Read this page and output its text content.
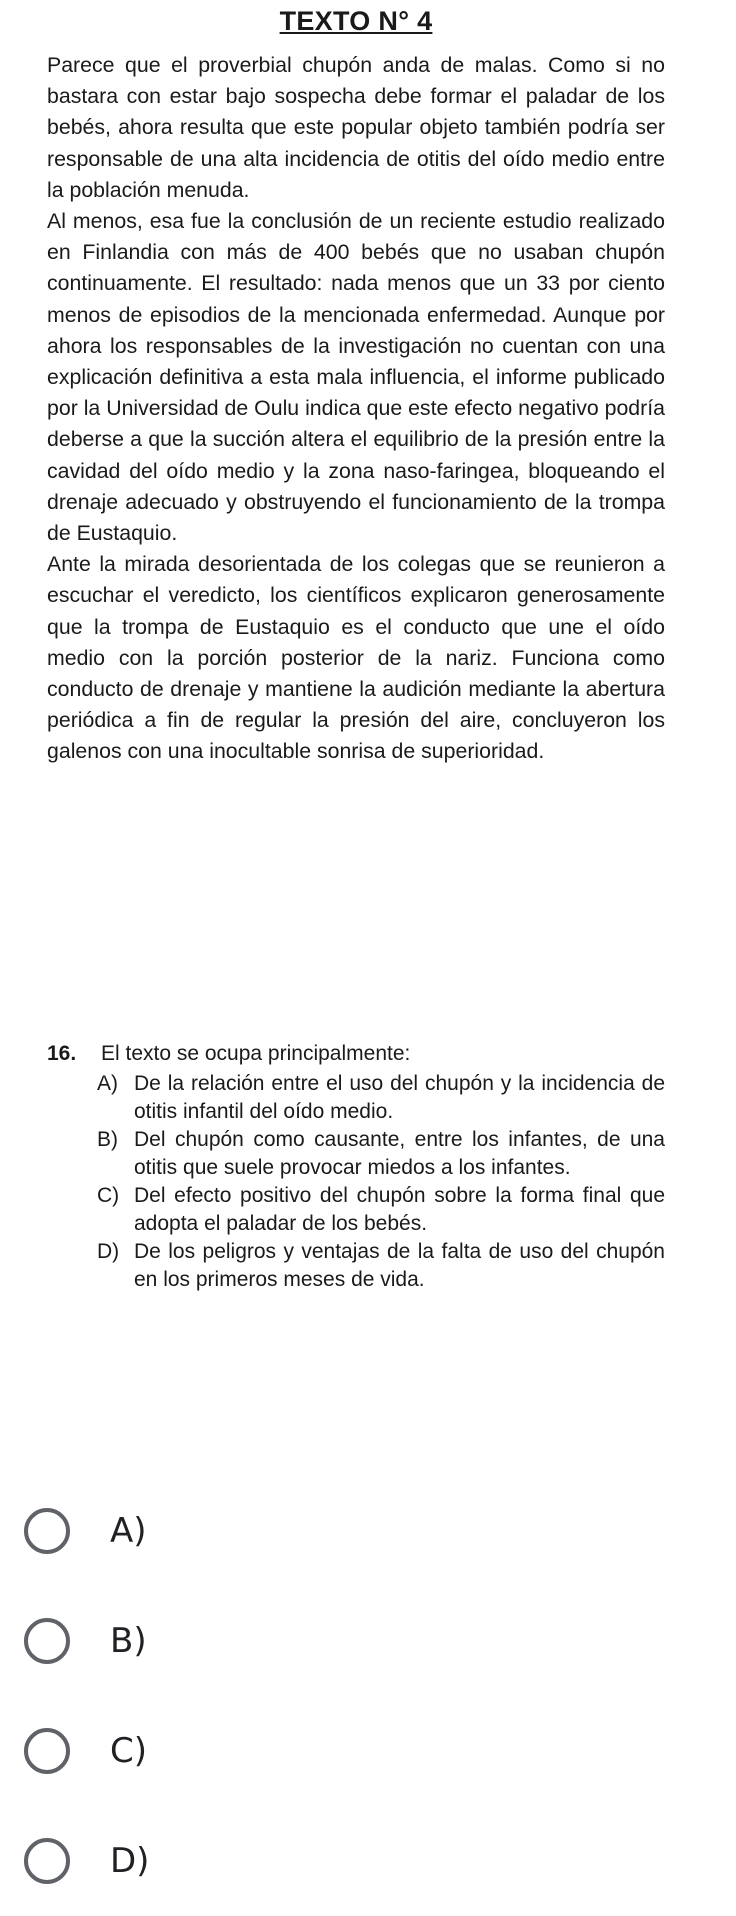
TEXTO N° 4

Parece que el proverbial chupón anda de malas. Como si no bastara con estar bajo sospecha debe formar el paladar de los bebés, ahora resulta que este popular objeto también podría ser responsable de una alta incidencia de otitis del oído medio entre la población menuda.

Al menos, esa fue la conclusión de un reciente estudio realizado en Finlandia con más de 400 bebés que no usaban chupón continuamente. El resultado: nada menos que un 33 por ciento menos de episodios de la mencionada enfermedad. Aunque por ahora los responsables de la investigación no cuentan con una explicación definitiva a esta mala influencia, el informe publicado por la Universidad de Oulu indica que este efecto negativo podría deberse a que la succión altera el equilibrio de la presión entre la cavidad del oído medio y la zona naso-faringea, bloqueando el drenaje adecuado y obstruyendo el funcionamiento de la trompa de Eustaquio.

Ante la mirada desorientada de los colegas que se reunieron a escuchar el veredicto, los científicos explicaron generosamente que la trompa de Eustaquio es el conducto que une el oído medio con la porción posterior de la nariz. Funciona como conducto de drenaje y mantiene la audición mediante la abertura periódica a fin de regular la presión del aire, concluyeron los galenos con una inocultable sonrisa de superioridad.

16.	El texto se ocupa principalmente:
A) De la relación entre el uso del chupón y la incidencia de otitis infantil del oído medio.
B) Del chupón como causante, entre los infantes, de una otitis que suele provocar miedos a los infantes.
C) Del efecto positivo del chupón sobre la forma final que adopta el paladar de los bebés.
D) De los peligros y ventajas de la falta de uso del chupón en los primeros meses de vida.
A)
B)
C)
D)
